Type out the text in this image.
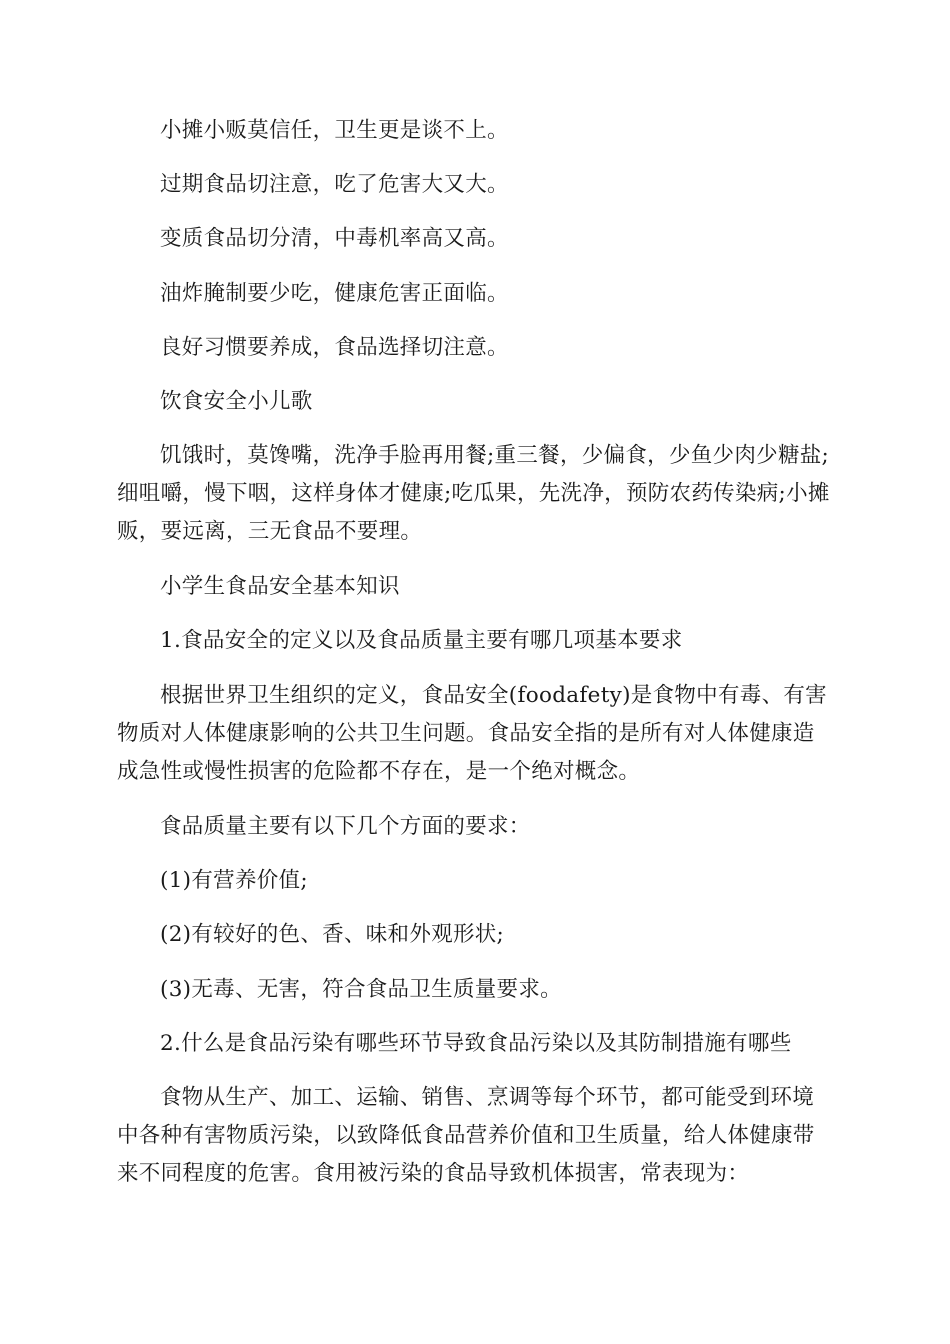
小摊小贩莫信任，卫生更是谈不上。

过期食品切注意，吃了危害大又大。

变质食品切分清，中毒机率高又高。

油炸腌制要少吃，健康危害正面临。

良好习惯要养成，食品选择切注意。

饮食安全小儿歌

饥饿时，莫馋嘴，洗净手脸再用餐;重三餐，少偏食，少鱼少肉少糖盐;细咀嚼，慢下咽，这样身体才健康;吃瓜果，先洗净，预防农药传染病;小摊贩，要远离，三无食品不要理。

小学生食品安全基本知识

1.食品安全的定义以及食品质量主要有哪几项基本要求

根据世界卫生组织的定义，食品安全(foodafety)是食物中有毒、有害物质对人体健康影响的公共卫生问题。食品安全指的是所有对人体健康造成急性或慢性损害的危险都不存在，是一个绝对概念。

食品质量主要有以下几个方面的要求：

(1)有营养价值;

(2)有较好的色、香、味和外观形状;

(3)无毒、无害，符合食品卫生质量要求。

2.什么是食品污染有哪些环节导致食品污染以及其防制措施有哪些

食物从生产、加工、运输、销售、烹调等每个环节，都可能受到环境中各种有害物质污染，以致降低食品营养价值和卫生质量，给人体健康带来不同程度的危害。食用被污染的食品导致机体损害，常表现为：
